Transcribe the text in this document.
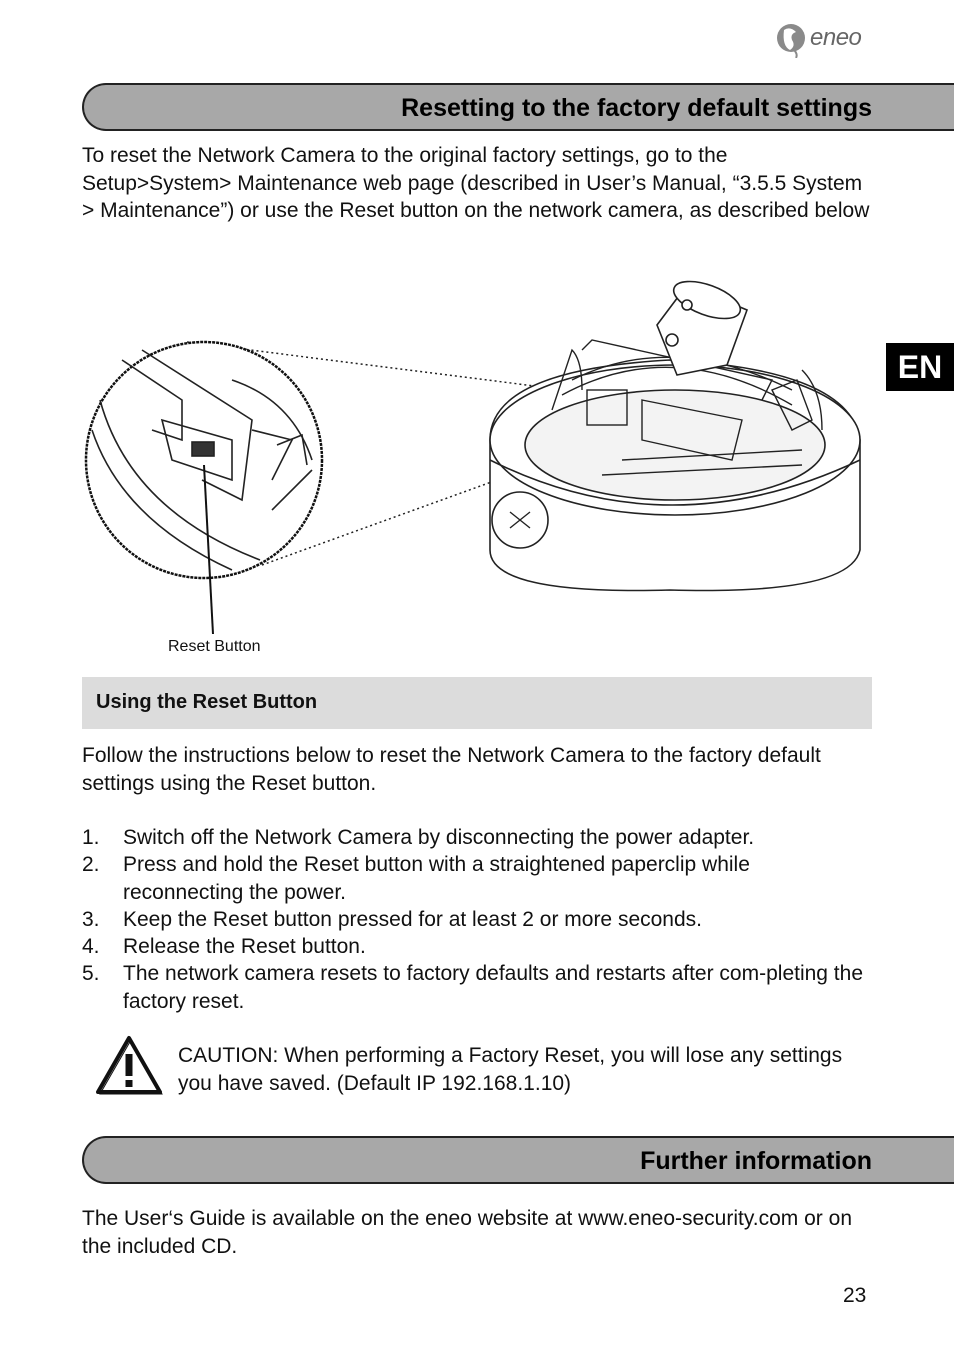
eneo
EN
Resetting to the factory default settings

To reset the Network Camera to the original factory settings, go to the Setup>System> Maintenance web page (described in User’s Manual, “3.5.5 System > Maintenance”) or use the Reset button on the network camera, as described below

Reset Button
Using the Reset Button

Follow the instructions below to reset the Network Camera to the factory default settings using the Reset button.

1. Switch off the Network Camera by disconnecting the power adapter.
2. Press and hold the Reset button with a straightened paperclip while reconnecting the power.
3. Keep the Reset button pressed for at least 2 or more seconds.
4. Release the Reset button.
5. The network camera resets to factory defaults and restarts after com-pleting the factory reset.

CAUTION: When performing a Factory Reset, you will lose any settings you have saved. (Default IP 192.168.1.10)

Further information

The User‘s Guide is available on the eneo website at www.eneo-security.com or on the included CD.

23
